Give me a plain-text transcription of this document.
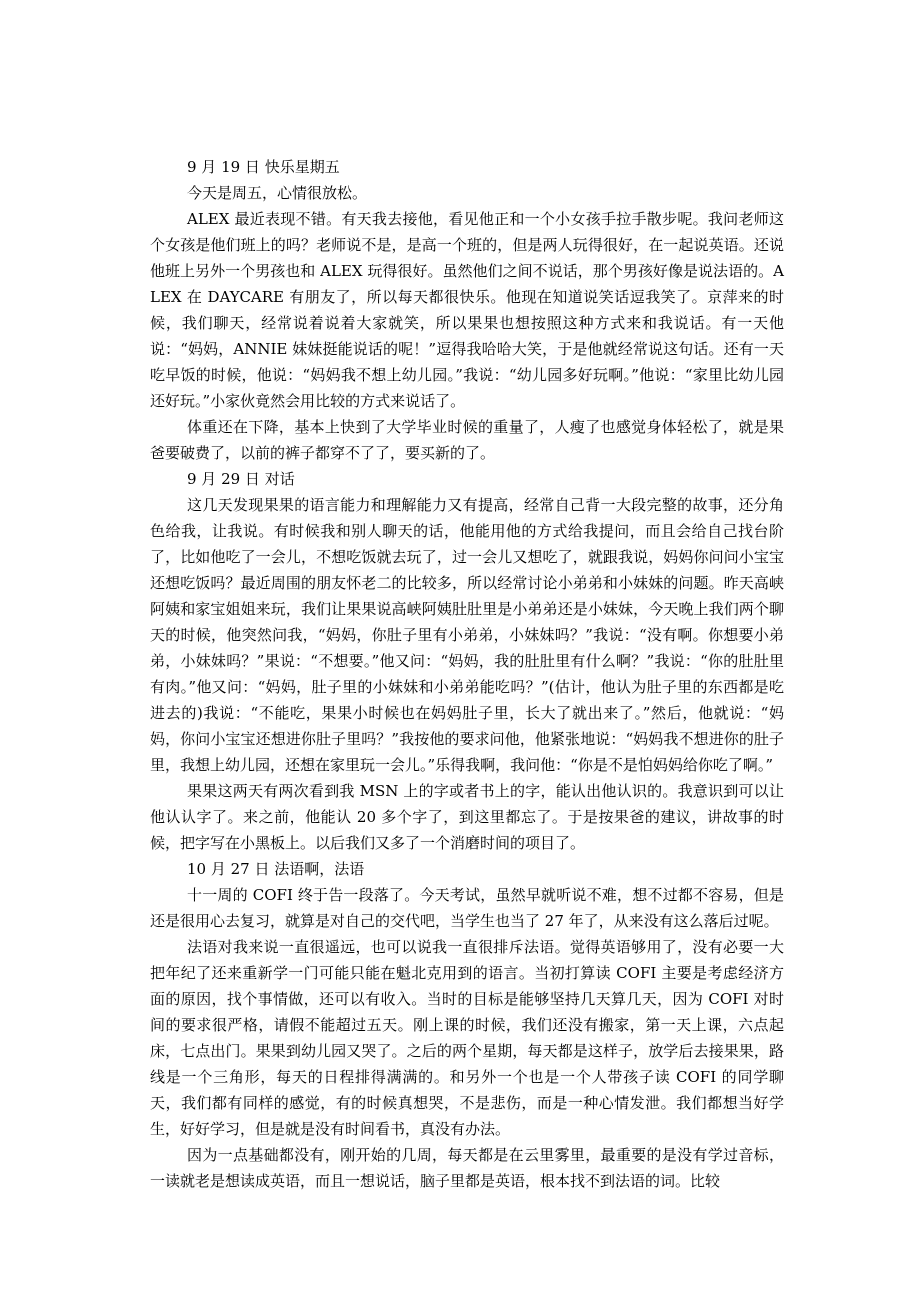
9 月 19 日 快乐星期五

今天是周五，心情很放松。

ALEX 最近表现不错。有天我去接他，看见他正和一个小女孩手拉手散步呢。我问老师这个女孩是他们班上的吗？老师说不是，是高一个班的，但是两人玩得很好，在一起说英语。还说他班上另外一个男孩也和 ALEX 玩得很好。虽然他们之间不说话，那个男孩好像是说法语的。ALEX 在 DAYCARE 有朋友了，所以每天都很快乐。他现在知道说笑话逗我笑了。京萍来的时候，我们聊天，经常说着说着大家就笑，所以果果也想按照这种方式来和我说话。有一天他说：“妈妈，ANNIE 妹妹挺能说话的呢！”逗得我哈哈大笑，于是他就经常说这句话。还有一天吃早饭的时候，他说：“妈妈我不想上幼儿园。”我说：“幼儿园多好玩啊。”他说：“家里比幼儿园还好玩。”小家伙竟然会用比较的方式来说话了。

体重还在下降，基本上快到了大学毕业时候的重量了，人瘦了也感觉身体轻松了，就是果爸要破费了，以前的裤子都穿不了了，要买新的了。

9 月 29 日 对话

这几天发现果果的语言能力和理解能力又有提高，经常自己背一大段完整的故事，还分角色给我，让我说。有时候我和别人聊天的话，他能用他的方式给我提问，而且会给自己找台阶了，比如他吃了一会儿，不想吃饭就去玩了，过一会儿又想吃了，就跟我说，妈妈你问问小宝宝还想吃饭吗？最近周围的朋友怀老二的比较多，所以经常讨论小弟弟和小妹妹的问题。昨天高峡阿姨和家宝姐姐来玩，我们让果果说高峡阿姨肚肚里是小弟弟还是小妹妹，今天晚上我们两个聊天的时候，他突然问我，“妈妈，你肚子里有小弟弟，小妹妹吗？”我说：“没有啊。你想要小弟弟，小妹妹吗？”果说：“不想要。”他又问：“妈妈，我的肚肚里有什么啊？”我说：“你的肚肚里有肉。”他又问：“妈妈，肚子里的小妹妹和小弟弟能吃吗？”(估计，他认为肚子里的东西都是吃进去的)我说：“不能吃，果果小时候也在妈妈肚子里，长大了就出来了。”然后，他就说：“妈妈，你问小宝宝还想进你肚子里吗？”我按他的要求问他，他紧张地说：“妈妈我不想进你的肚子里，我想上幼儿园，还想在家里玩一会儿。”乐得我啊，我问他：“你是不是怕妈妈给你吃了啊。”

果果这两天有两次看到我 MSN 上的字或者书上的字，能认出他认识的。我意识到可以让他认认字了。来之前，他能认 20 多个字了，到这里都忘了。于是按果爸的建议，讲故事的时候，把字写在小黑板上。以后我们又多了一个消磨时间的项目了。

10 月 27 日 法语啊，法语

十一周的 COFI 终于告一段落了。今天考试，虽然早就听说不难，想不过都不容易，但是还是很用心去复习，就算是对自己的交代吧，当学生也当了 27 年了，从来没有这么落后过呢。

法语对我来说一直很遥远，也可以说我一直很排斥法语。觉得英语够用了，没有必要一大把年纪了还来重新学一门可能只能在魁北克用到的语言。当初打算读 COFI 主要是考虑经济方面的原因，找个事情做，还可以有收入。当时的目标是能够坚持几天算几天，因为 COFI 对时间的要求很严格，请假不能超过五天。刚上课的时候，我们还没有搬家，第一天上课，六点起床，七点出门。果果到幼儿园又哭了。之后的两个星期，每天都是这样子，放学后去接果果，路线是一个三角形，每天的日程排得满满的。和另外一个也是一个人带孩子读 COFI 的同学聊天，我们都有同样的感觉，有的时候真想哭，不是悲伤，而是一种心情发泄。我们都想当好学生，好好学习，但是就是没有时间看书，真没有办法。

因为一点基础都没有，刚开始的几周，每天都是在云里雾里，最重要的是没有学过音标，一读就老是想读成英语，而且一想说话，脑子里都是英语，根本找不到法语的词。比较
